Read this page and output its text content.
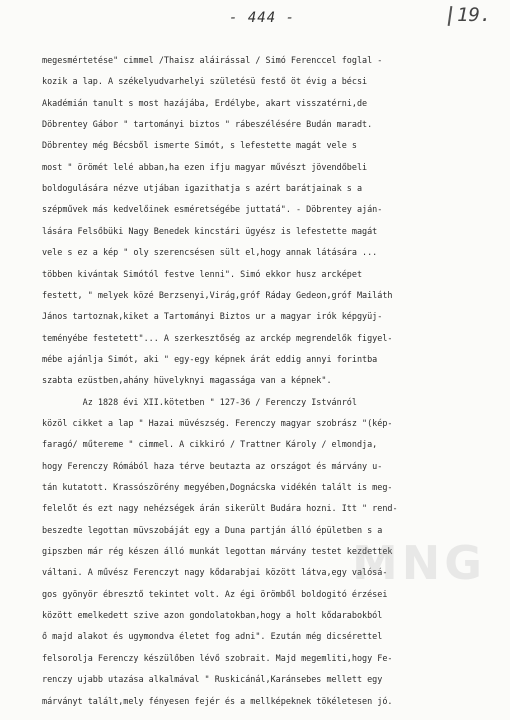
- 444 -	19.
megesmértetése" cimmel /Thaisz aláirással / Simó Ferenccel foglal -
kozik a lap. A székelyudvarhelyi születésü festő öt évig a bécsi
Akadémián tanult s most hazájába, Erdélybe, akart visszatérni,de
Döbrentey Gábor " tartományi biztos " rábeszélésére Budán maradt.
Döbrentey még Bécsből ismerte Simót, s lefestette magát vele s
most " örömét lelé abban,ha ezen ifju magyar művészt jövendőbeli
boldogulására nézve utjában igazithatja s azért barátjainak s a
szépművek más kedvelőinek esméretségébe juttatá". - Döbrentey aján-
lására Felsőbüki Nagy Benedek kincstári ügyész is lefestette magát
vele s ez a kép " oly szerencsésen sült el,hogy annak látására ...
többen kivántak Simótól festve lenni". Simó ekkor husz arcképet
festett, " melyek közé Berzsenyi,Virág,gróf Ráday Gedeon,gróf Mailáth
János tartoznak,kiket a Tartományi Biztos ur a magyar irók képgyüj-
teményébe festetett"... A szerkesztőség az arckép megrendelők figyel-
mébe ajánlja Simót, aki " egy-egy képnek árát eddig annyi forintba
szabta ezüstben,ahány hüvelyknyi magassága van a képnek".
Az 1828 évi XII.kötetben " 127-36 / Ferenczy Istvánról
közöl cikket a lap " Hazai müvészség. Ferenczy magyar szobrász "(kép-
faragó/ műtereme " cimmel. A cikkiró / Trattner Károly / elmondja,
hogy Ferenczy Rómából haza térve beutazta az országot és márvány u-
tán kutatott. Krassószörény megyében,Dognácska vidékén talált is meg-
felelőt és ezt nagy nehézségek árán sikerült Budára hozni. Itt " rend-
beszedte legottan müvszobáját egy a Duna partján álló épületben s a
gipszben már rég készen álló munkát legottan márvány testet kezdettek
váltani. A művész Ferenczyt nagy kődarabjai között látva,egy valósá-
gos gyönyör ébresztő tekintet volt. Az égi örömből boldogitó érzései
között emelkedett szive azon gondolatokban,hogy a holt kődarabokból
ő majd alakot és ugymondva életet fog adni". Ezután még dicsérettel
felsorolja Ferenczy készülőben lévő szobrait. Majd megemliti,hogy Fe-
renczy ujabb utazása alkalmával " Ruskicánál,Karánsebes mellett egy
márványt talált,mely fényesen fejér és a mellképeknek tökéletesen jó.
MNG
